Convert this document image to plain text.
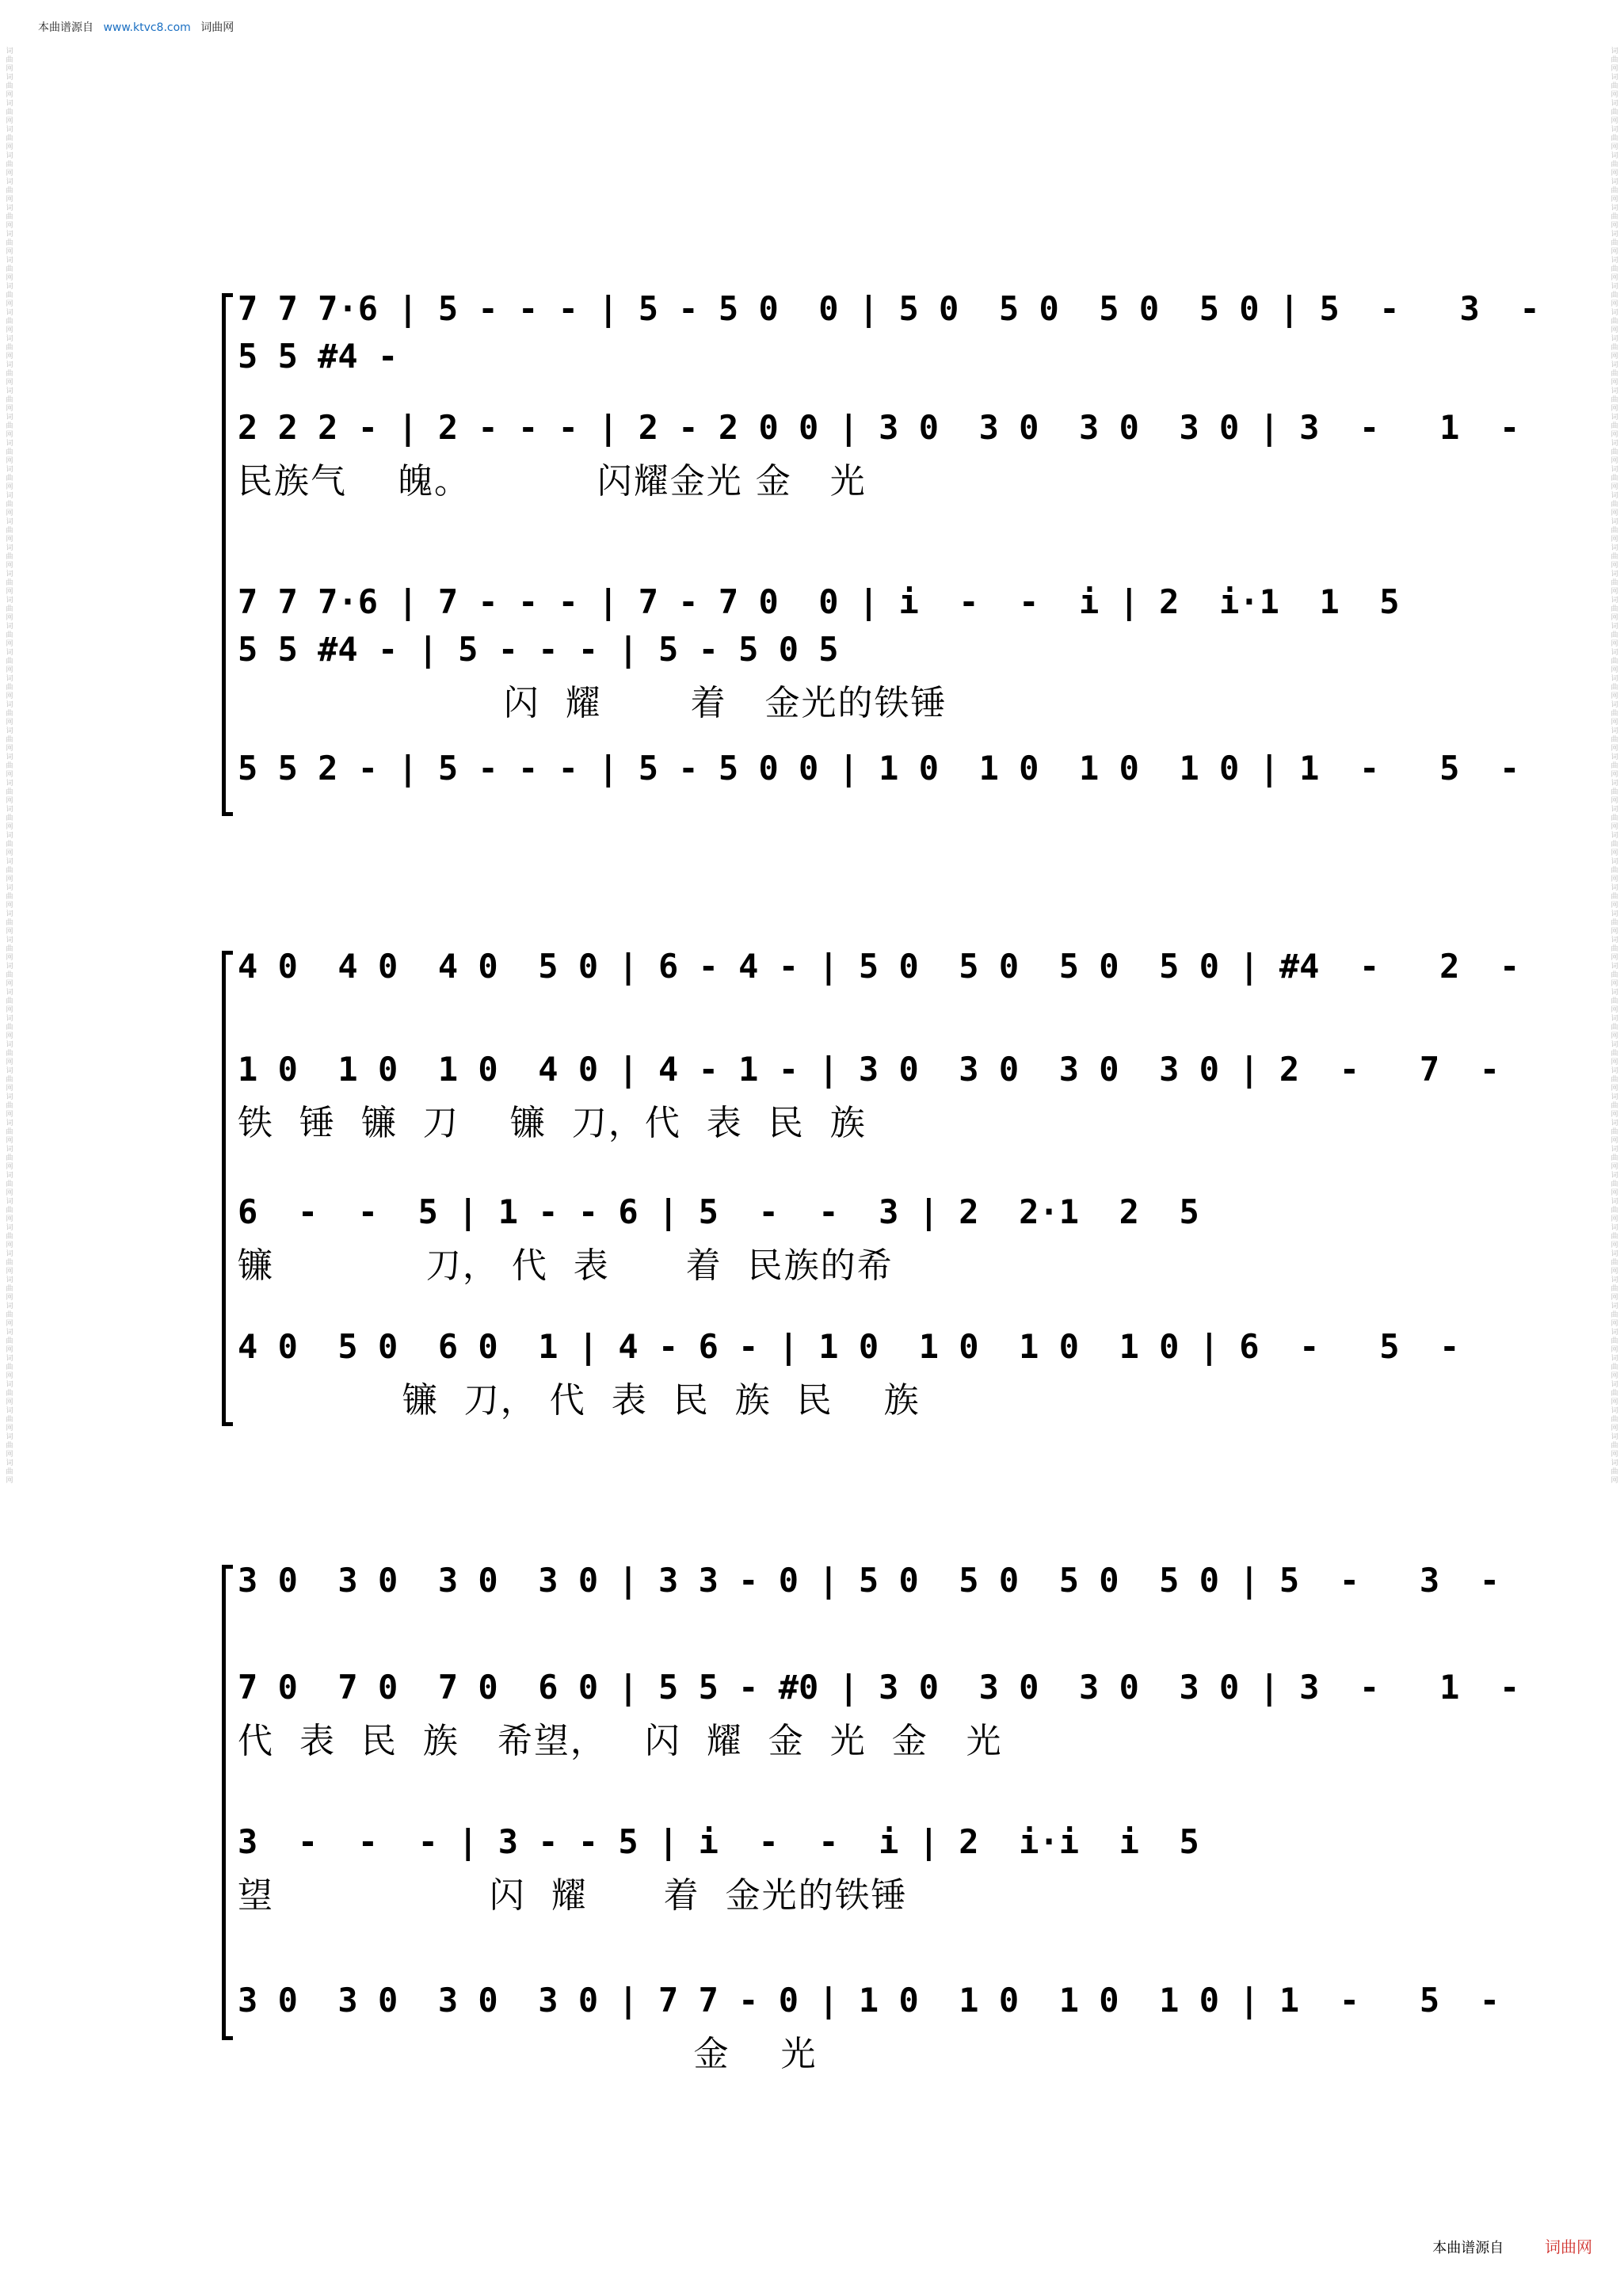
本曲谱源自 www.ktvc8.com 词曲网
词曲网词曲网词曲网词曲网词曲网词曲网词曲网词曲网词曲网词曲网词曲网词曲网词曲网词曲网词曲网词曲网词曲网词曲网词曲网词曲网词曲网词曲网词曲网词曲网词曲网词曲网词曲网词曲网词曲网词曲网词曲网词曲网词曲网词曲网词曲网词曲网词曲网词曲网词曲网词曲网词曲网词曲网词曲网词曲网词曲网词曲网词曲网词曲网词曲网词曲网词曲网词曲网词曲网词曲网词曲网
词曲网词曲网词曲网词曲网词曲网词曲网词曲网词曲网词曲网词曲网词曲网词曲网词曲网词曲网词曲网词曲网词曲网词曲网词曲网词曲网词曲网词曲网词曲网词曲网词曲网词曲网词曲网词曲网词曲网词曲网词曲网词曲网词曲网词曲网词曲网词曲网词曲网词曲网词曲网词曲网词曲网词曲网词曲网词曲网词曲网词曲网词曲网词曲网词曲网词曲网词曲网词曲网词曲网词曲网词曲网
7 7 7·6 | 5 - - - | 5 - 5 0  0 | 5 0  5 0  5 0  5 0 | 5  -   3  -
5 5 #4 -
2 2 2 - | 2 - - - | 2 - 2 0 0 | 3 0  3 0  3 0  3 0 | 3  -   1  -
民族气    魄。          闪耀金光 金   光
7 7 7·6 | 7 - - - | 7 - 7 0  0 | i  -  -  i | 2  i·1  1  5
5 5 #4 - | 5 - - - | 5 - 5 0 5
闪  耀       着   金光的铁锤
5 5 2 - | 5 - - - | 5 - 5 0 0 | 1 0  1 0  1 0  1 0 | 1  -   5  -
4 0  4 0  4 0  5 0 | 6 - 4 - | 5 0  5 0  5 0  5 0 | #4  -   2  -
1 0  1 0  1 0  4 0 | 4 - 1 - | 3 0  3 0  3 0  3 0 | 2  -   7  -
铁  锤  镰  刀    镰  刀，代  表  民  族
6  -  -  5 | 1 - - 6 | 5  -  -  3 | 2  2·1  2  5
镰            刀， 代  表      着  民族的希
4 0  5 0  6 0  1 | 4 - 6 - | 1 0  1 0  1 0  1 0 | 6  -   5  -
镰  刀， 代  表  民  族  民    族
3 0  3 0  3 0  3 0 | 3 3 - 0 | 5 0  5 0  5 0  5 0 | 5  -   3  -
7 0  7 0  7 0  6 0 | 5 5 - #0 | 3 0  3 0  3 0  3 0 | 3  -   1  -
代  表  民  族   希望，   闪  耀  金  光  金   光
3  -  -  - | 3 - - 5 | i  -  -  i | 2  i·i  i  5
望                 闪  耀      着  金光的铁锤
3 0  3 0  3 0  3 0 | 7 7 - 0 | 1 0  1 0  1 0  1 0 | 1  -   5  -
金    光
本曲谱源自	词曲网
